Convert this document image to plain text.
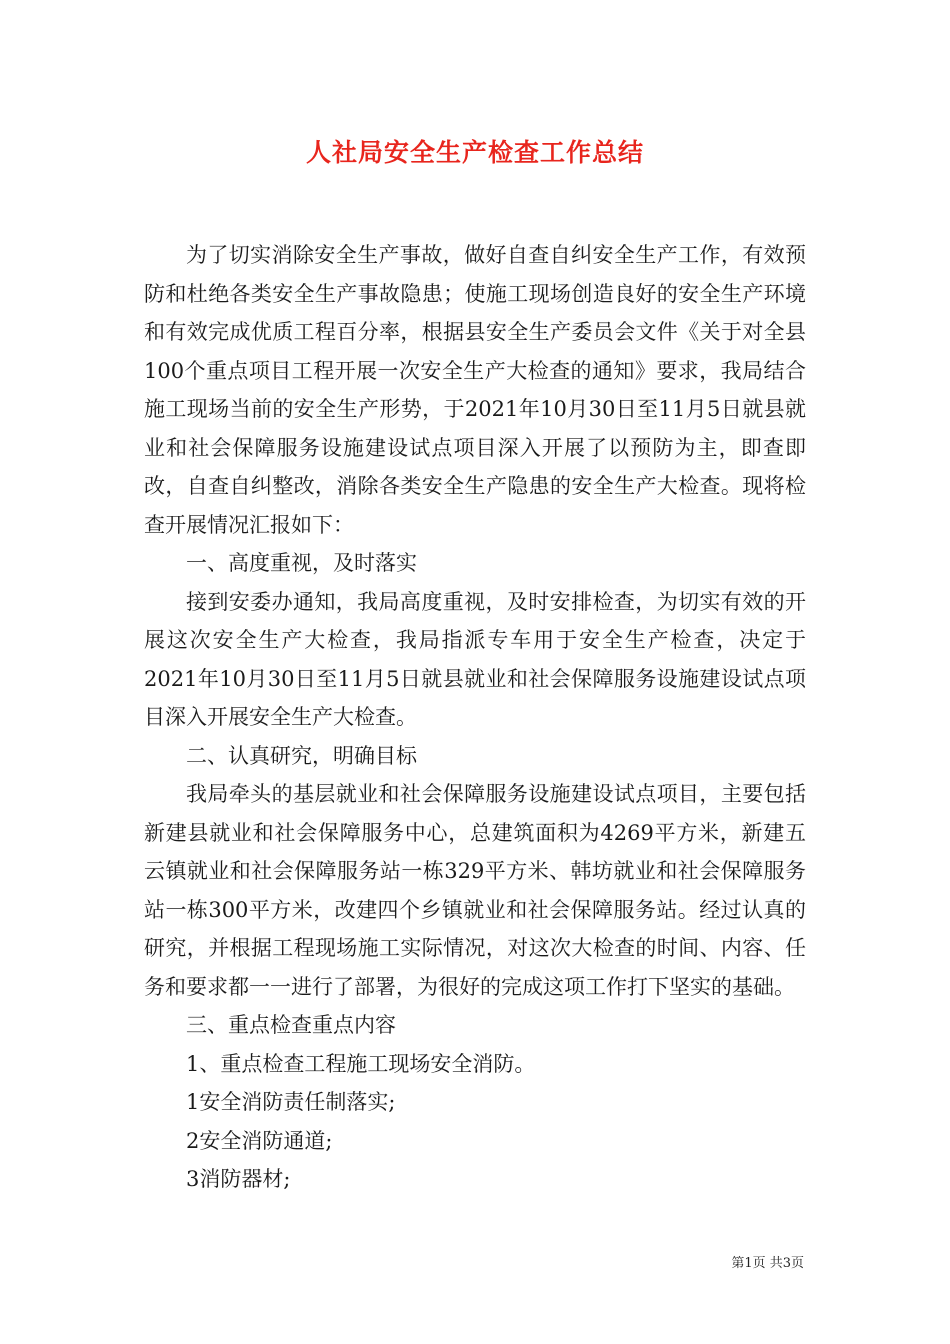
人社局安全生产检查工作总结

为了切实消除安全生产事故，做好自查自纠安全生产工作，有效预防和杜绝各类安全生产事故隐患；使施工现场创造良好的安全生产环境和有效完成优质工程百分率，根据县安全生产委员会文件《关于对全县100个重点项目工程开展一次安全生产大检查的通知》要求，我局结合施工现场当前的安全生产形势，于2021年10月30日至11月5日就县就业和社会保障服务设施建设试点项目深入开展了以预防为主，即查即改，自查自纠整改，消除各类安全生产隐患的安全生产大检查。现将检查开展情况汇报如下：

一、高度重视，及时落实

接到安委办通知，我局高度重视，及时安排检查，为切实有效的开展这次安全生产大检查，我局指派专车用于安全生产检查，决定于2021年10月30日至11月5日就县就业和社会保障服务设施建设试点项目深入开展安全生产大检查。

二、认真研究，明确目标

我局牵头的基层就业和社会保障服务设施建设试点项目，主要包括新建县就业和社会保障服务中心，总建筑面积为4269平方米，新建五云镇就业和社会保障服务站一栋329平方米、韩坊就业和社会保障服务站一栋300平方米，改建四个乡镇就业和社会保障服务站。经过认真的研究，并根据工程现场施工实际情况，对这次大检查的时间、内容、任务和要求都一一进行了部署，为很好的完成这项工作打下坚实的基础。

三、重点检查重点内容

1、重点检查工程施工现场安全消防。

1安全消防责任制落实;

2安全消防通道;

3消防器材;

第1页 共3页
